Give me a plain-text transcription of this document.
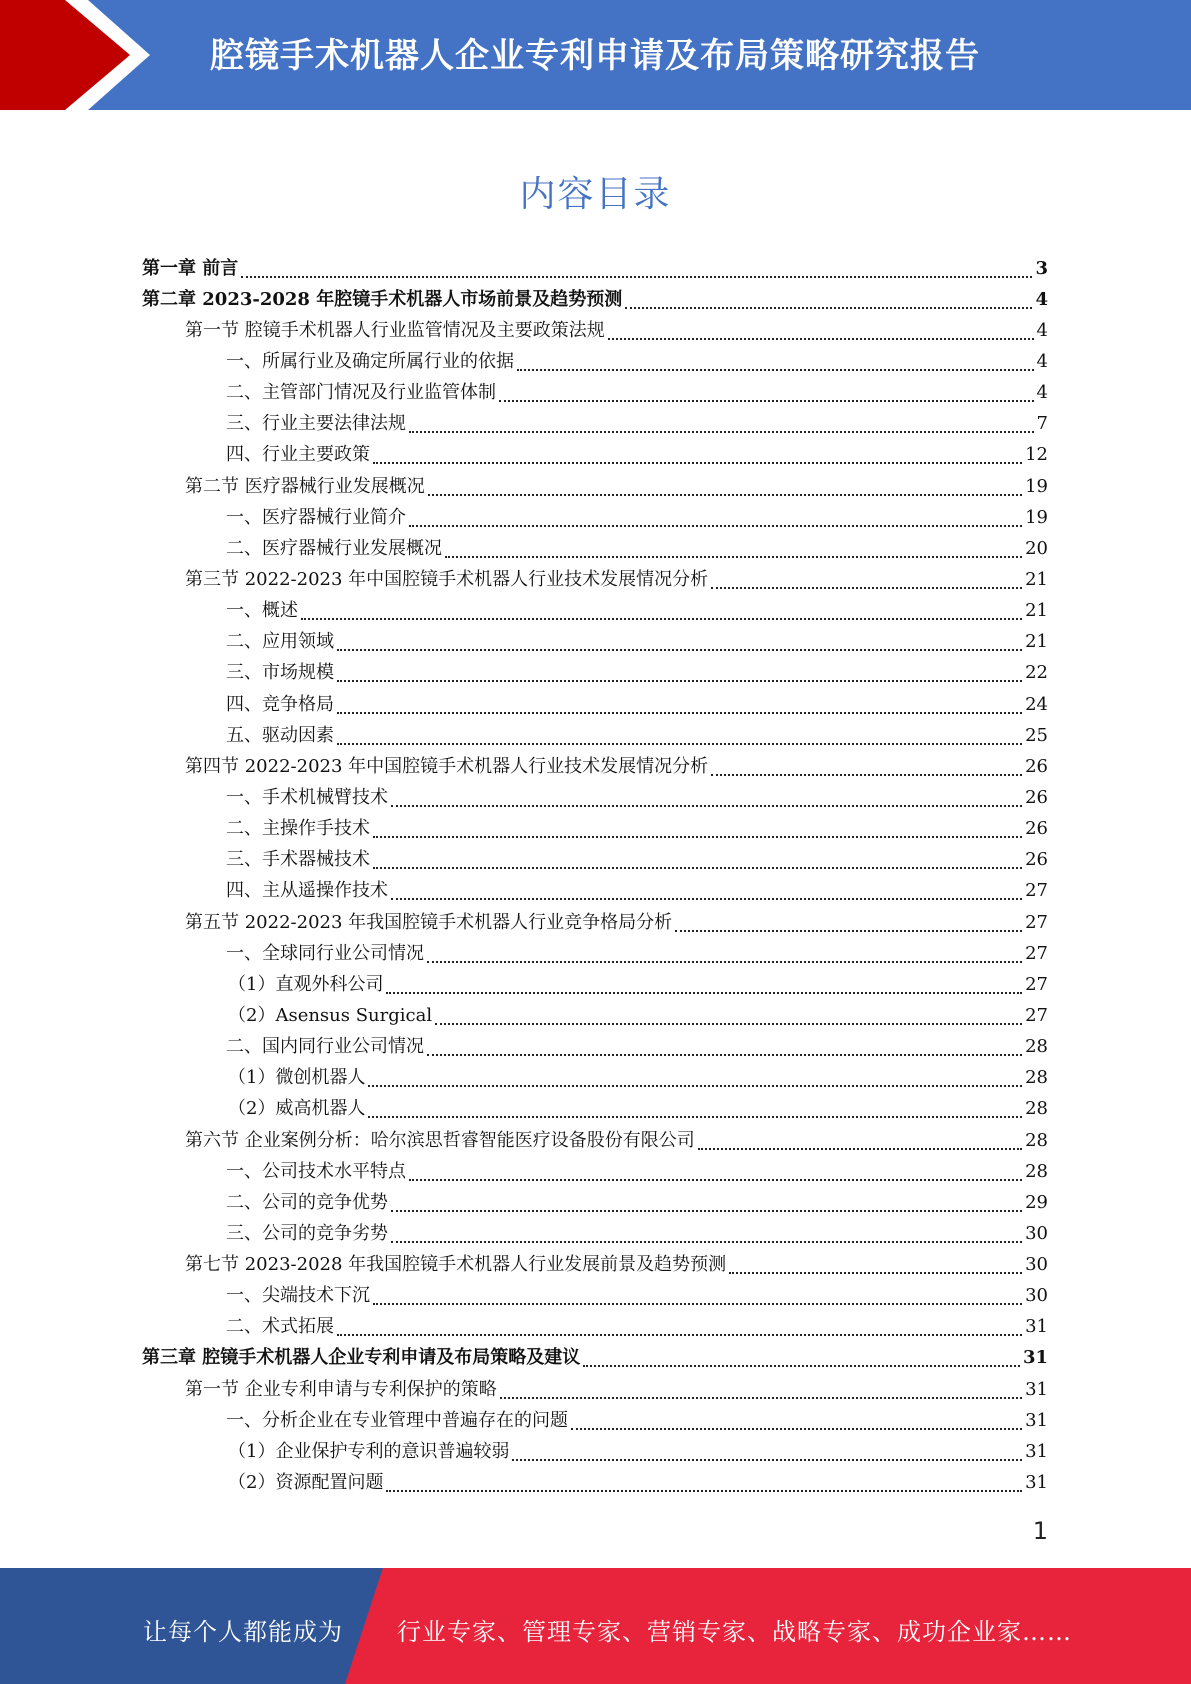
腔镜手术机器人企业专利申请及布局策略研究报告
内容目录
第一章 前言	3
第二章 2023-2028 年腔镜手术机器人市场前景及趋势预测	4
第一节 腔镜手术机器人行业监管情况及主要政策法规	4
一、所属行业及确定所属行业的依据	4
二、主管部门情况及行业监管体制	4
三、行业主要法律法规	7
四、行业主要政策	12
第二节 医疗器械行业发展概况	19
一、医疗器械行业简介	19
二、医疗器械行业发展概况	20
第三节 2022-2023 年中国腔镜手术机器人行业技术发展情况分析	21
一、概述	21
二、应用领域	21
三、市场规模	22
四、竞争格局	24
五、驱动因素	25
第四节 2022-2023 年中国腔镜手术机器人行业技术发展情况分析	26
一、手术机械臂技术	26
二、主操作手技术	26
三、手术器械技术	26
四、主从遥操作技术	27
第五节 2022-2023 年我国腔镜手术机器人行业竞争格局分析	27
一、全球同行业公司情况	27
（1）直观外科公司	27
（2）Asensus Surgical	27
二、国内同行业公司情况	28
（1）微创机器人	28
（2）威高机器人	28
第六节 企业案例分析：哈尔滨思哲睿智能医疗设备股份有限公司	28
一、公司技术水平特点	28
二、公司的竞争优势	29
三、公司的竞争劣势	30
第七节 2023-2028 年我国腔镜手术机器人行业发展前景及趋势预测	30
一、尖端技术下沉	30
二、术式拓展	31
第三章 腔镜手术机器人企业专利申请及布局策略及建议	31
第一节 企业专利申请与专利保护的策略	31
一、分析企业在专业管理中普遍存在的问题	31
（1）企业保护专利的意识普遍较弱	31
（2）资源配置问题	31
1
让每个人都能成为 行业专家、管理专家、营销专家、战略专家、成功企业家……
